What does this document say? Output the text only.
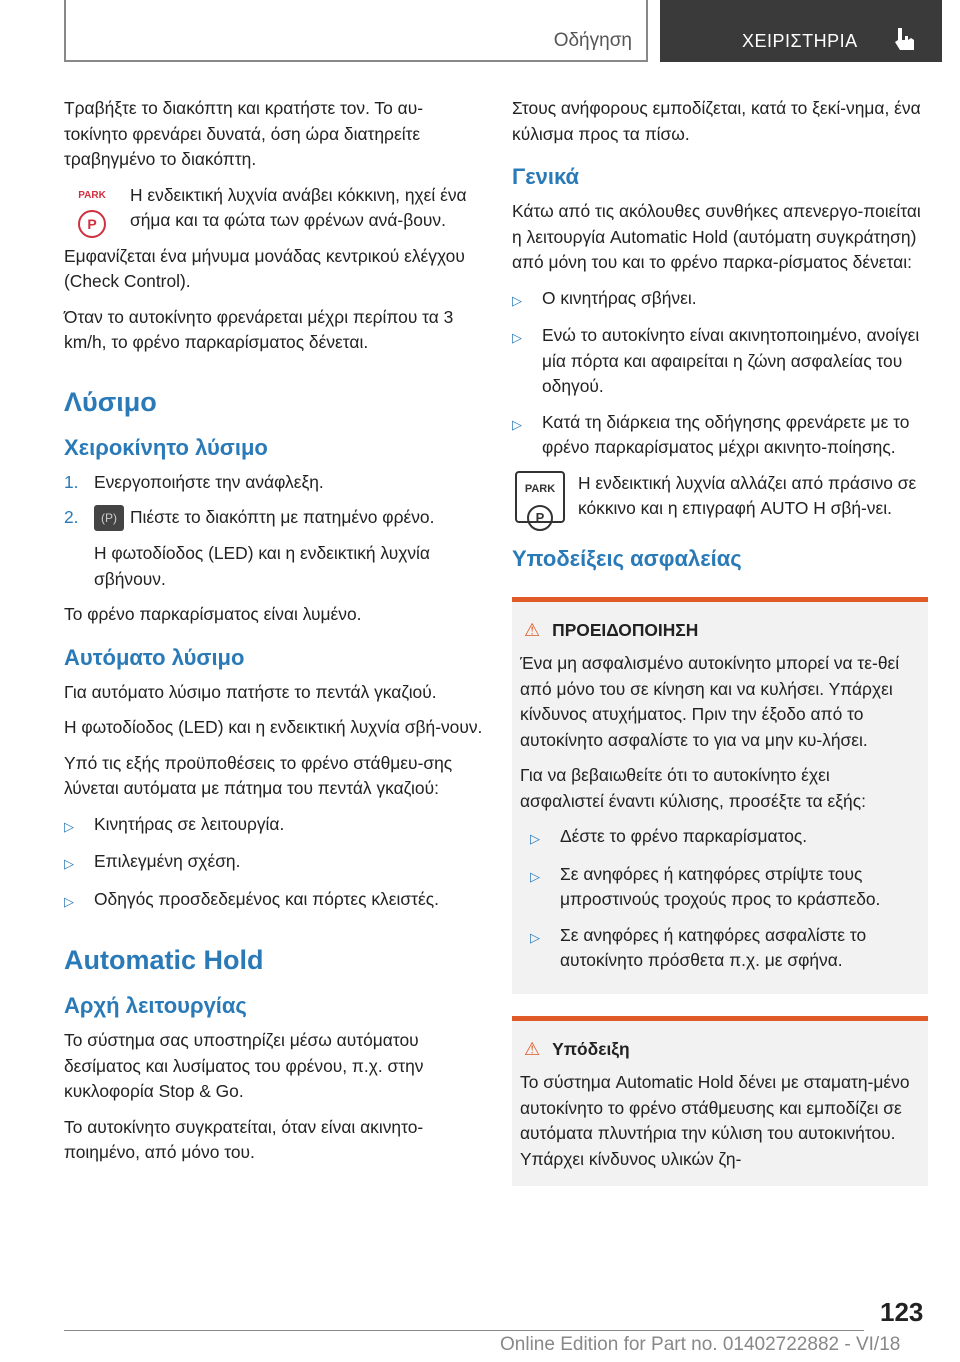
Οδήγηση	ΧΕΙΡΙΣΤΗΡΙΑ

Τραβήξτε το διακόπτη και κρατήστε τον. Το αυ-τοκίνητο φρενάρει δυνατά, όση ώρα διατηρείτε τραβηγμένο το διακόπτη.

PARK
P
Η ενδεικτική λυχνία ανάβει κόκκινη, ηχεί ένα σήμα και τα φώτα των φρένων ανά-βουν.

Εμφανίζεται ένα μήνυμα μονάδας κεντρικού ελέγχου (Check Control).

Όταν το αυτοκίνητο φρενάρεται μέχρι περίπου τα 3 km/h, το φρένο παρκαρίσματος δένεται.

Λύσιμο
Χειροκίνητο λύσιμο
1. Ενεργοποιήστε την ανάφλεξη.
2.	(P) Πιέστε το διακόπτη με πατημένο φρένο.

Η φωτοδίοδος (LED) και η ενδεικτική λυχνία σβήνουν.

Το φρένο παρκαρίσματος είναι λυμένο.

Αυτόματο λύσιμο

Για αυτόματο λύσιμο πατήστε το πεντάλ γκαζιού.

Η φωτοδίοδος (LED) και η ενδεικτική λυχνία σβή-νουν.

Υπό τις εξής προϋποθέσεις το φρένο στάθμευ-σης λύνεται αυτόματα με πάτημα του πεντάλ γκαζιού:

▷	Κινητήρας σε λειτουργία.
▷	Επιλεγμένη σχέση.
▷	Οδηγός προσδεδεμένος και πόρτες κλειστές.
Automatic Hold
Αρχή λειτουργίας

Το σύστημα σας υποστηρίζει μέσω αυτόματου δεσίματος και λυσίματος του φρένου, π.χ. στην κυκλοφορία Stop & Go.

Το αυτοκίνητο συγκρατείται, όταν είναι ακινητο-ποιημένο, από μόνο του.

Στους ανήφορους εμποδίζεται, κατά το ξεκί-νημα, ένα κύλισμα προς τα πίσω.

Γενικά

Κάτω από τις ακόλουθες συνθήκες απενεργο-ποιείται η λειτουργία Automatic Hold (αυτόματη συγκράτηση) από μόνη του και το φρένο παρκα-ρίσματος δένεται:

▷	Ο κινητήρας σβήνει.
▷	Ενώ το αυτοκίνητο είναι ακινητοποιημένο, ανοίγει μία πόρτα και αφαιρείται η ζώνη ασφαλείας του οδηγού.
▷	Κατά τη διάρκεια της οδήγησης φρενάρετε με το φρένο παρκαρίσματος μέχρι ακινητο-ποίησης.
PARK
P
Η ενδεικτική λυχνία αλλάζει από πράσινο σε κόκκινο και η επιγραφή AUTO H σβή-νει.
Υποδείξεις ασφαλείας
⚠ ΠΡΟΕΙΔΟΠΟΙΗΣΗ

Ένα μη ασφαλισμένο αυτοκίνητο μπορεί να τε-θεί από μόνο του σε κίνηση και να κυλήσει. Υπάρχει κίνδυνος ατυχήματος. Πριν την έξοδο από το αυτοκίνητο ασφαλίστε το για να μην κυ-λήσει.

Για να βεβαιωθείτε ότι το αυτοκίνητο έχει ασφαλιστεί έναντι κύλισης, προσέξτε τα εξής:

▷	Δέστε το φρένο παρκαρίσματος.
▷	Σε ανηφόρες ή κατηφόρες στρίψτε τους μπροστινούς τροχούς προς το κράσπεδο.
▷	Σε ανηφόρες ή κατηφόρες ασφαλίστε το αυτοκίνητο πρόσθετα π.χ. με σφήνα.
⚠ Υπόδειξη

Το σύστημα Automatic Hold δένει με σταματη-μένο αυτοκίνητο το φρένο στάθμευσης και εμποδίζει σε αυτόματα πλυντήρια την κύλιση του αυτοκινήτου. Υπάρχει κίνδυνος υλικών ζη-

123
Online Edition for Part no. 01402722882 - VI/18
